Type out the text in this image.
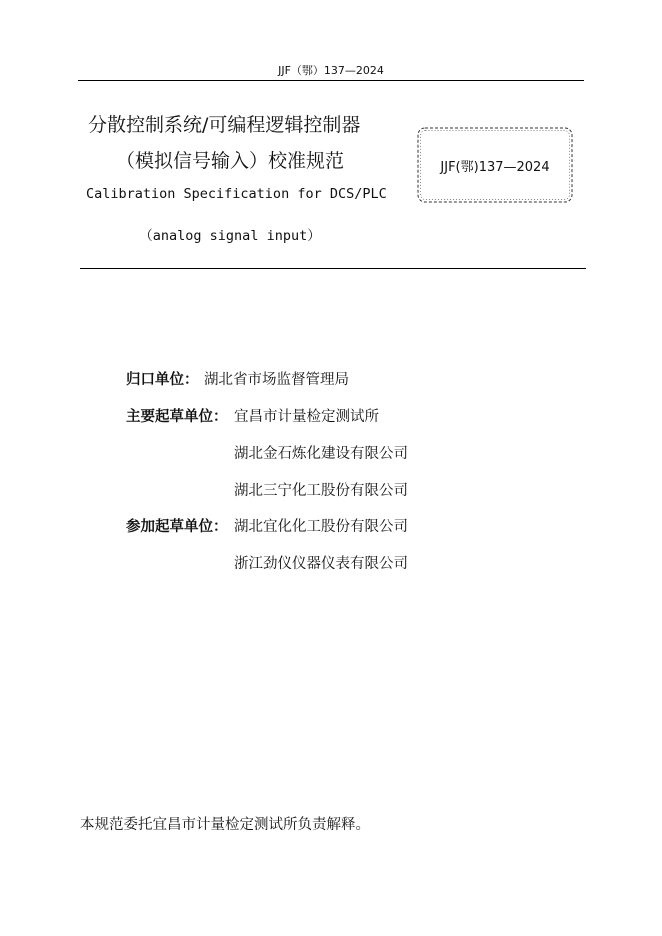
JJF（鄂）137—2024
分散控制系统/可编程逻辑控制器
（模拟信号输入）校准规范
Calibration Specification for DCS/PLC
（analog signal input）
JJF(鄂)137—2024
归口单位： 湖北省市场监督管理局
主要起草单位： 宜昌市计量检定测试所
湖北金石炼化建设有限公司
湖北三宁化工股份有限公司
参加起草单位： 湖北宜化化工股份有限公司
浙江劲仪仪器仪表有限公司
本规范委托宜昌市计量检定测试所负责解释。
